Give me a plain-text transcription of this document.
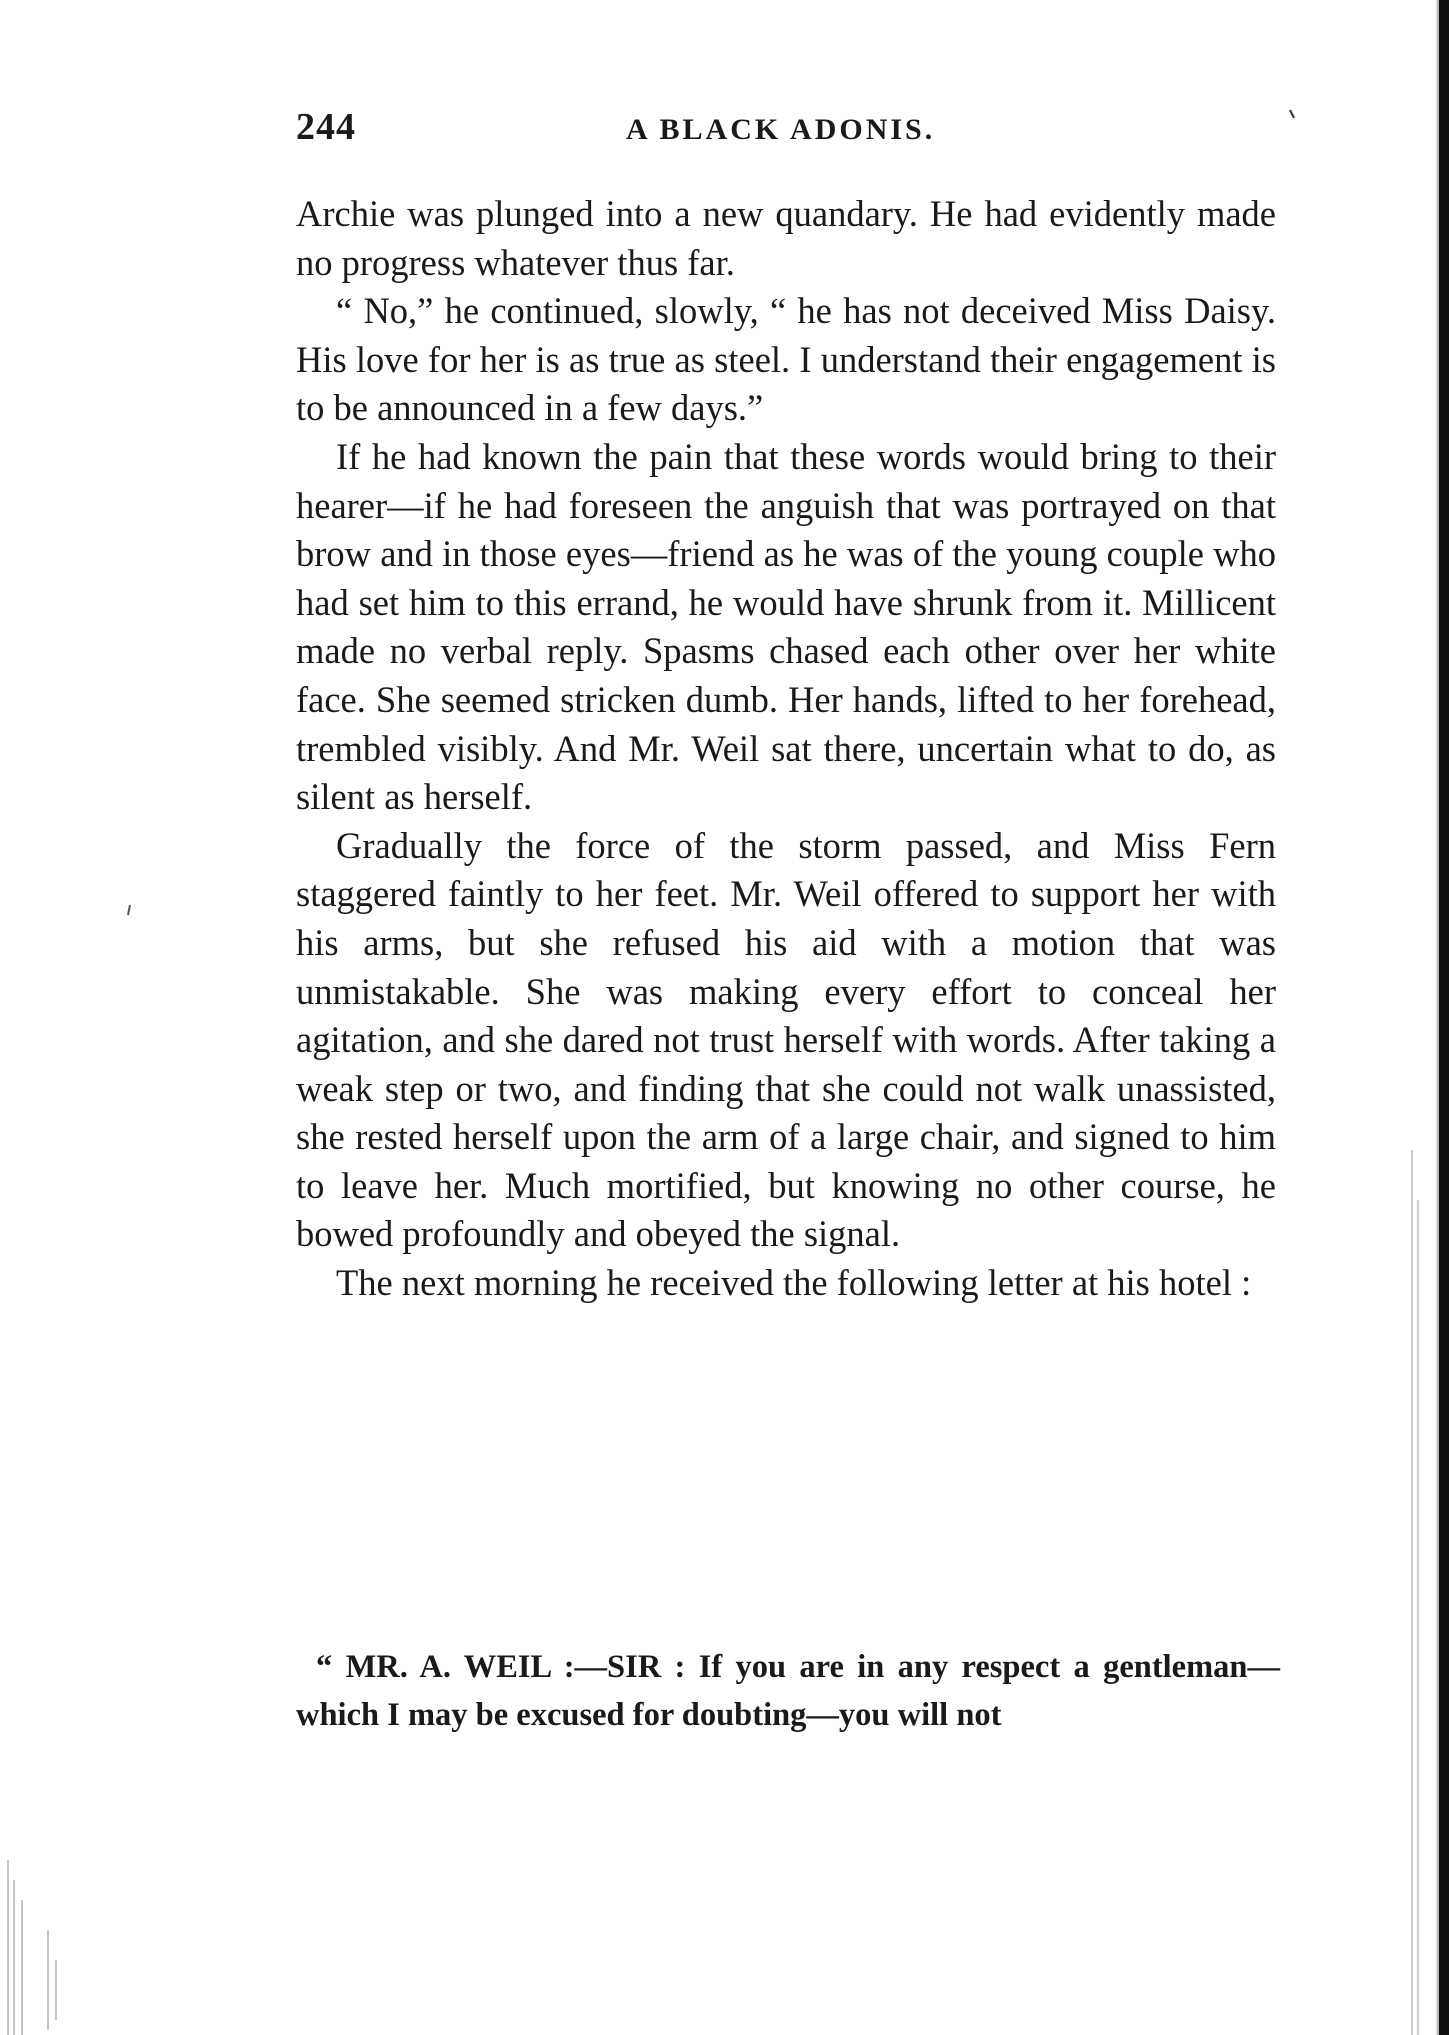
244	A BLACK ADONIS.

Archie was plunged into a new quandary. He had evidently made no progress whatever thus far.

“ No,” he continued, slowly, “ he has not deceived Miss Daisy. His love for her is as true as steel. I understand their engagement is to be announced in a few days.”

If he had known the pain that these words would bring to their hearer—if he had foreseen the anguish that was portrayed on that brow and in those eyes—friend as he was of the young couple who had set him to this errand, he would have shrunk from it. Millicent made no verbal reply. Spasms chased each other over her white face. She seemed stricken dumb. Her hands, lifted to her forehead, trembled visibly. And Mr. Weil sat there, uncertain what to do, as silent as herself.

Gradually the force of the storm passed, and Miss Fern staggered faintly to her feet. Mr. Weil offered to support her with his arms, but she refused his aid with a motion that was unmistakable. She was making every effort to conceal her agitation, and she dared not trust herself with words. After taking a weak step or two, and finding that she could not walk unassisted, she rested herself upon the arm of a large chair, and signed to him to leave her. Much mortified, but knowing no other course, he bowed profoundly and obeyed the signal.

The next morning he received the following letter at his hotel :

“ MR. A. WEIL :—SIR : If you are in any respect a gentleman—which I may be excused for doubting—you will not
